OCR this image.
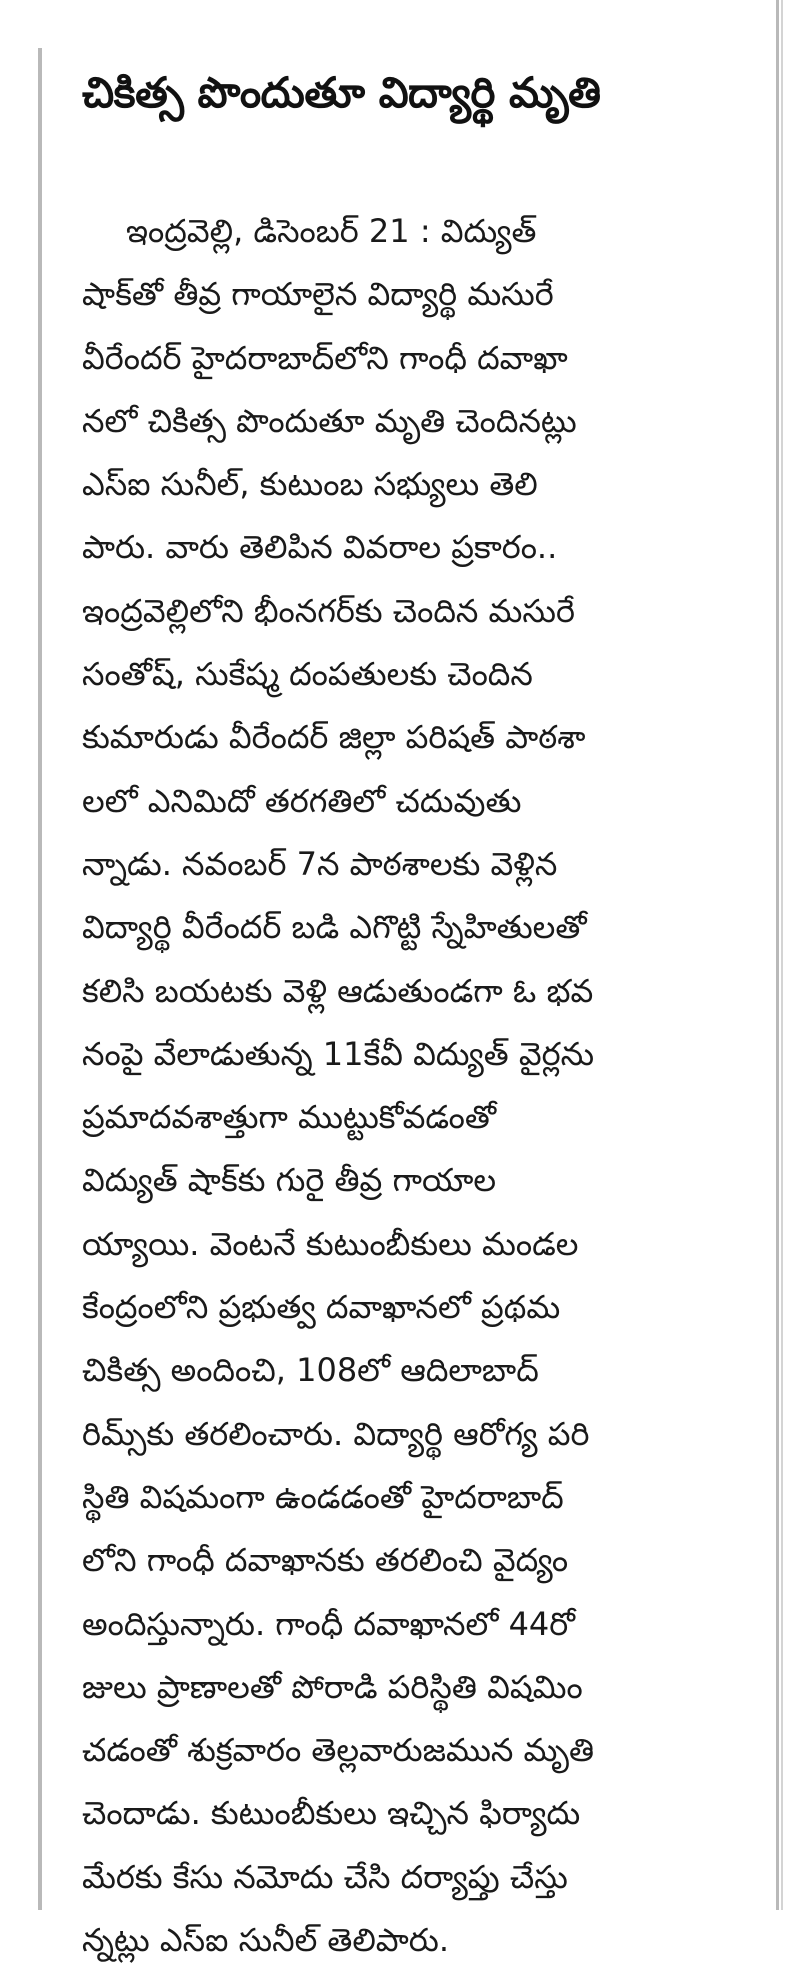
చికిత్స పొందుతూ విద్యార్థి మృతి
ఇంద్రవెల్లి, డిసెంబర్ 21 : విద్యుత్
షాక్‌తో తీవ్ర గాయాలైన విద్యార్థి మసురే
వీరేందర్ హైదరాబాద్‌లోని గాంధీ దవాఖా
నలో చికిత్స పొందుతూ మృతి చెందినట్లు
ఎస్ఐ సునీల్, కుటుంబ సభ్యులు తెలి
పారు. వారు తెలిపిన వివరాల ప్రకారం..
ఇంద్రవెల్లిలోని భీంనగర్‌కు చెందిన మసురే
సంతోష్, సుకేష్మ దంపతులకు చెందిన
కుమారుడు వీరేందర్ జిల్లా పరిషత్ పాఠశా
లలో ఎనిమిదో తరగతిలో చదువుతు
న్నాడు. నవంబర్ 7న పాఠశాలకు వెళ్లిన
విద్యార్థి వీరేందర్ బడి ఎగొట్టి స్నేహితులతో
కలిసి బయటకు వెళ్లి ఆడుతుండగా ఓ భవ
నంపై వేలాడుతున్న 11కేవీ విద్యుత్ వైర్లను
ప్రమాదవశాత్తుగా ముట్టుకోవడంతో
విద్యుత్ షాక్‌కు గురై తీవ్ర గాయాల
య్యాయి. వెంటనే కుటుంబీకులు మండల
కేంద్రంలోని ప్రభుత్వ దవాఖానలో ప్రథమ
చికిత్స అందించి, 108లో ఆదిలాబాద్
రిమ్స్‌కు తరలించారు. విద్యార్థి ఆరోగ్య పరి
స్థితి విషమంగా ఉండడంతో హైదరాబాద్
లోని గాంధీ దవాఖానకు తరలించి వైద్యం
అందిస్తున్నారు. గాంధీ దవాఖానలో 44రో
జులు ప్రాణాలతో పోరాడి పరిస్థితి విషమిం
చడంతో శుక్రవారం తెల్లవారుజమున మృతి
చెందాడు. కుటుంబీకులు ఇచ్చిన ఫిర్యాదు
మేరకు కేసు నమోదు చేసి దర్యాప్తు చేస్తు
న్నట్లు ఎస్ఐ సునీల్ తెలిపారు.
